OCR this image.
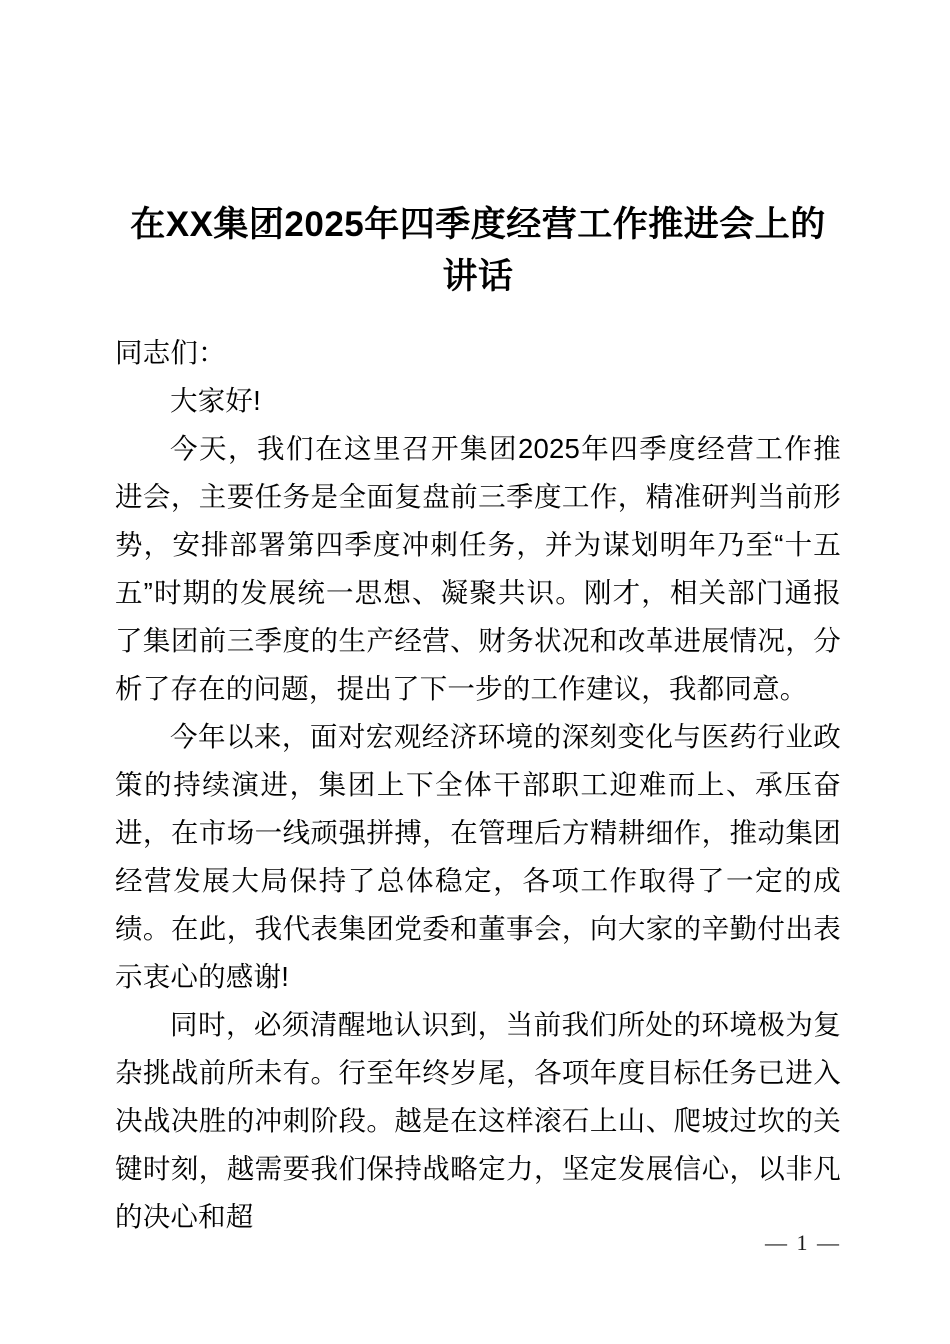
在XX集团2025年四季度经营工作推进会上的讲话

同志们：

大家好!

今天，我们在这里召开集团2025年四季度经营工作推进会，主要任务是全面复盘前三季度工作，精准研判当前形势，安排部署第四季度冲刺任务，并为谋划明年乃至“十五五”时期的发展统一思想、凝聚共识。刚才，相关部门通报了集团前三季度的生产经营、财务状况和改革进展情况，分析了存在的问题，提出了下一步的工作建议，我都同意。

今年以来，面对宏观经济环境的深刻变化与医药行业政策的持续演进，集团上下全体干部职工迎难而上、承压奋进，在市场一线顽强拼搏，在管理后方精耕细作，推动集团经营发展大局保持了总体稳定，各项工作取得了一定的成绩。在此，我代表集团党委和董事会，向大家的辛勤付出表示衷心的感谢!

同时，必须清醒地认识到，当前我们所处的环境极为复杂挑战前所未有。行至年终岁尾，各项年度目标任务已进入决战决胜的冲刺阶段。越是在这样滚石上山、爬坡过坎的关键时刻，越需要我们保持战略定力，坚定发展信心，以非凡的决心和超

— 1 —
